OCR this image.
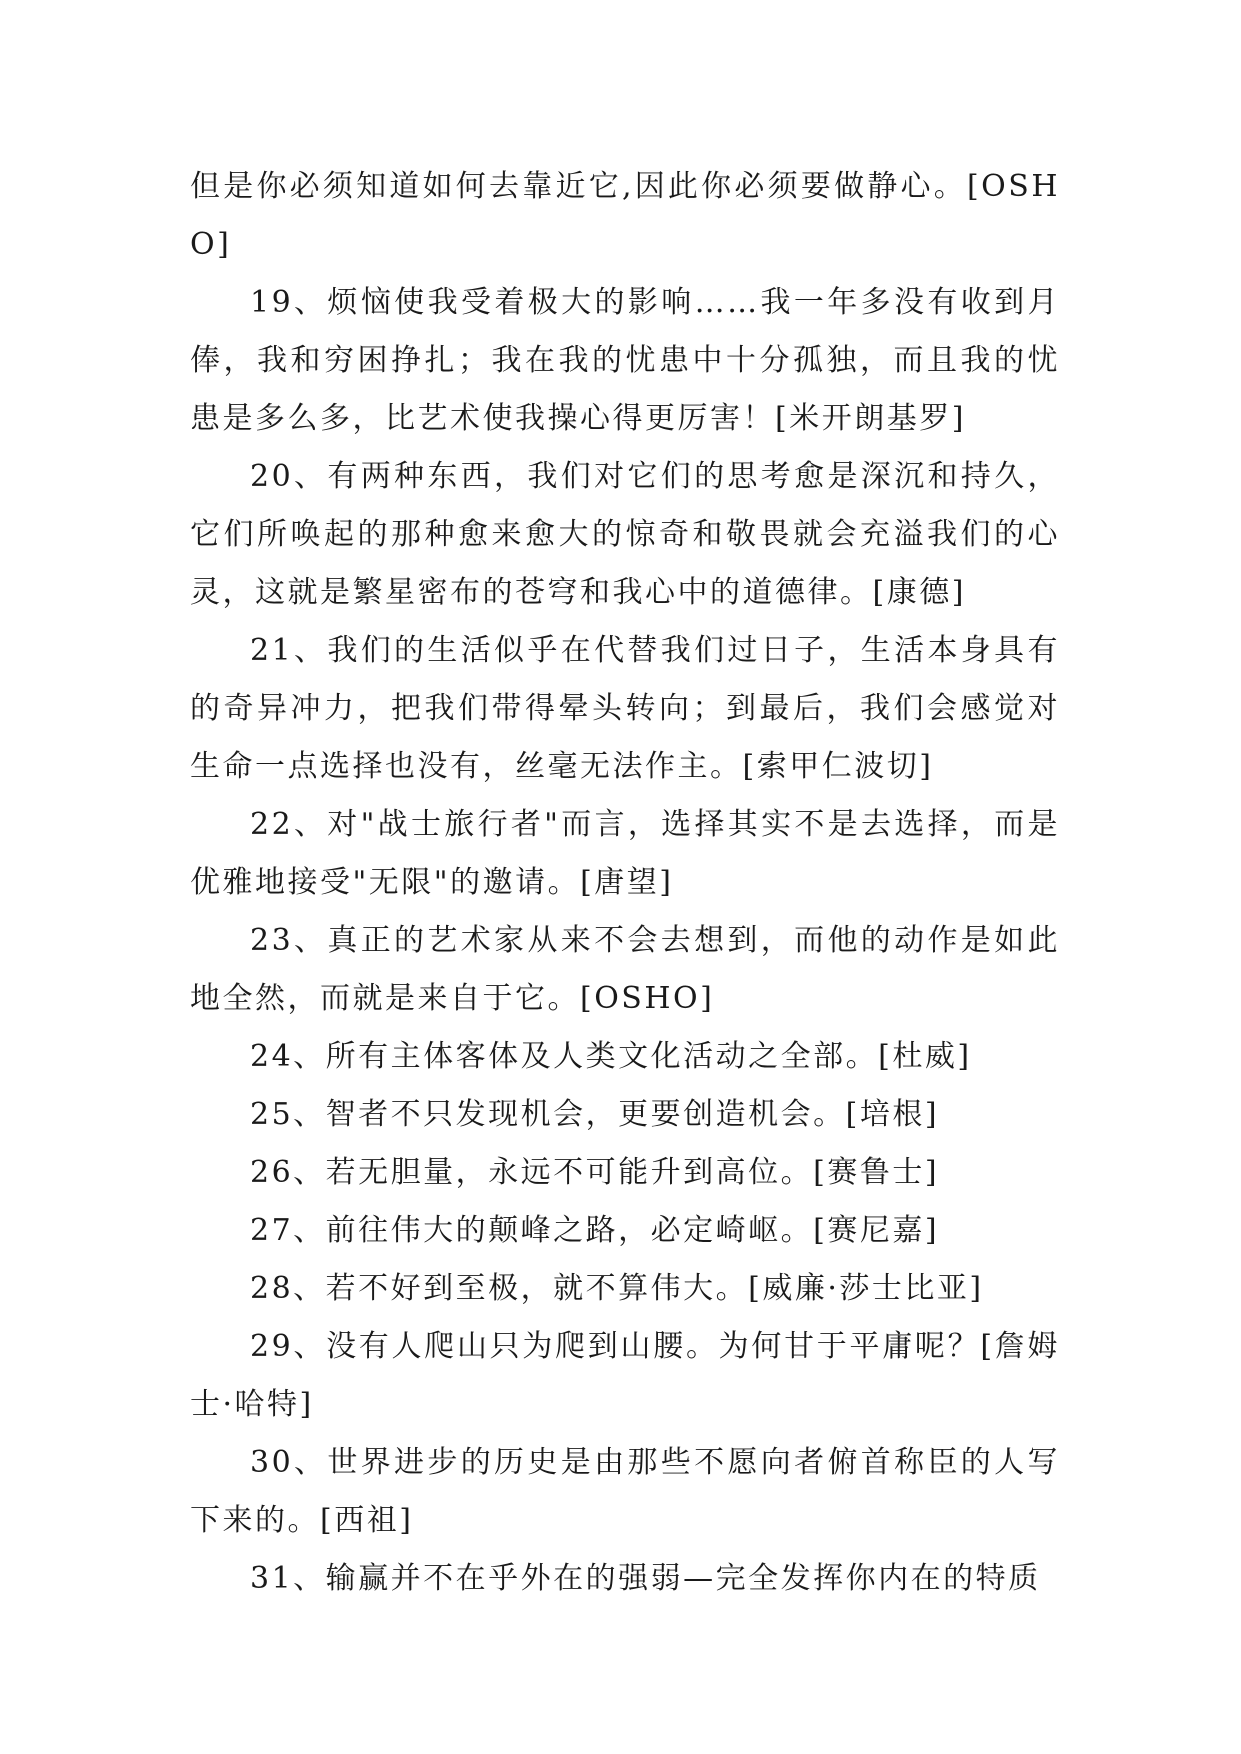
但是你必须知道如何去靠近它,因此你必须要做静心。[OSHO]

19、烦恼使我受着极大的影响……我一年多没有收到月俸，我和穷困挣扎；我在我的忧患中十分孤独，而且我的忧患是多么多，比艺术使我操心得更厉害！[米开朗基罗]

20、有两种东西，我们对它们的思考愈是深沉和持久，它们所唤起的那种愈来愈大的惊奇和敬畏就会充溢我们的心灵，这就是繁星密布的苍穹和我心中的道德律。[康德]

21、我们的生活似乎在代替我们过日子，生活本身具有的奇异冲力，把我们带得晕头转向；到最后，我们会感觉对生命一点选择也没有，丝毫无法作主。[索甲仁波切]

22、对"战士旅行者"而言，选择其实不是去选择，而是优雅地接受"无限"的邀请。[唐望]

23、真正的艺术家从来不会去想到，而他的动作是如此地全然，而就是来自于它。[OSHO]

24、所有主体客体及人类文化活动之全部。[杜威]

25、智者不只发现机会，更要创造机会。[培根]

26、若无胆量，永远不可能升到高位。[赛鲁士]

27、前往伟大的颠峰之路，必定崎岖。[赛尼嘉]

28、若不好到至极，就不算伟大。[威廉·莎士比亚]

29、没有人爬山只为爬到山腰。为何甘于平庸呢？[詹姆士·哈特]

30、世界进步的历史是由那些不愿向者俯首称臣的人写下来的。[西祖]

31、输赢并不在乎外在的强弱—完全发挥你内在的特质
